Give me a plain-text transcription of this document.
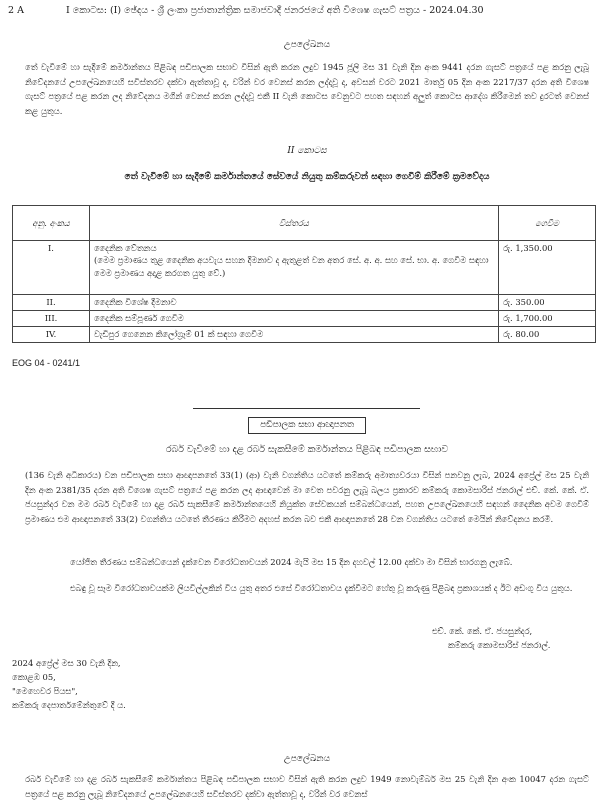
2 A	I කොටස: (I) ඡේදය - ශ්‍රී ලංකා ප්‍රජාතාන්ත්‍රික සමාජවාදී ජනරජයේ අති විශෙෂ ගැසට් පත්‍රය - 2024.04.30
උපලේඛනය
තේ වැවීමේ හා සැදීමේ කර්මාන්තය පිළිබඳ පඩිපාලක සභාව විසින් ඇති කරන ලදුව 1945 ජූලි මස 31 වැනි දින අංක 9441 දරන ගැසට් පත්‍රයේ පළ කරනු ලැබූ නිවේදනයේ උපලේඛනයෙහි සවිස්තරව දක්වා ඇත්තාවූ ද, වරින් වර වෙනස් කරන ලද්දාවූ ද, අවසන් වරට 2021 මාර්තු 05 දින අංක 2217/37 දරන අති විශෙෂ ගැසට් පත්‍රයේ පළ කරන ලද නිවේදනය මගින් වෙනස් කරන ලද්දාවූ එකී II වැනි කොටස වෙනුවට පහත සඳහන් අලුත් කොටස ආදේශ කිරීමෙන් තව දුරටත් වෙනස් කළ යුතුය.
II කොටස
තේ වැවීමේ හා සැදීමේ කර්මාන්තයේ සේවයේ නියුතු කම්කරුවන් සඳහා ගෙවීම් කිරීමේ ක්‍රමවේදය
අනු. අංකය	විස්තරය	ගෙවීම
I.	දෛනික වේතනය
(මෙම ප්‍රමාණය තුළ දෛනික අයවැය සහන දීමනාව ද ඇතුළත් වන අතර සේ. අ. අ. සහ සේ. භා. අ. ගෙවීම සඳහා මෙම ප්‍රමාණය අදාළ කරගත යුතු වේ.)	රු. 1,350.00
II.	දෛනික විශේෂ දීමනාව	රු. 350.00
III.	දෛනික සම්පූර්ණ ගෙවීම	රු. 1,700.00
IV.	වැඩිපුර ගෙනෙන කිලෝග්‍රෑම් 01 ක් සඳහා ගෙවීම	රු. 80.00
EOG 04 - 0241/1
පඩිපාලක සභා ආඥාපනත
රබර් වැවීමේ හා දළ රබර් සැකසීමේ කර්මාන්තය පිළිබඳ පඩිපාලක සභාව
(136 වැනි අධිකාරය) වන පඩිපාලක සභා ආඥාපනතේ 33(1) (ආ) වැනි වගන්තිය යටතේ කම්කරු අමාත්‍යවරයා විසින් පනවනු ලැබ, 2024 අප්‍රේල් මස 25 වැනි දින අංක 2381/35 දරන අති විශෙෂ ගැසට් පත්‍රයේ පළ කරන ලද ආඥාවෙන් මා වෙත පවරනු ලැබූ බලය ප්‍රකාරව කම්කරු කොමසාරිස් ජනරාල් එච්. කේ. කේ. ඒ. ජයසුන්දර වන මම රබර් වැවීමේ හා දළ රබර් සැකසීමේ කර්මාන්තයෙහි නියුක්ත සේවකයන් සම්බන්ධයෙන්, පහත උපලේඛනයෙහි සඳහන් දෛනික අවම ගෙවීම් ප්‍රමාණය එම ආඥාපනතේ 33(2) වගන්තිය යටතේ තීරණය කිරීමට අදහස් කරන බව එකී ආඥාපනතේ 28 වන වගන්තිය යටතේ මෙයින් නිවේදනය කරමි.
යෝජිත තීරණය සම්බන්ධයෙන් දැක්වෙන විරෝධතාවයන් 2024 මැයි මස 15 දින දහවල් 12.00 දක්වා මා විසින් භාරගනු ලැබේ.
එබඳු වූ සෑම විරෝධතාවයක්ම ලියවිල්ලකින් විය යුතු අතර එසේ විරෝධතාවය දැක්වීමට හේතු වූ කරුණු පිළිබඳ ප්‍රකාශයක් ද ඊට අඩංගු විය යුතුය.
එච්. කේ. කේ. ඒ. ජයසුන්දර,
කම්කරු කොමසාරිස් ජනරාල්.
2024 අප්‍රේල් මස 30 වැනි දින,
කොළඹ 05,
"මෙහෙවර පියස",
කම්කරු දෙපාර්තමේන්තුවේ දී ය.
උපලේඛනය
රබර් වැවීමේ හා දළ රබර් සැකසීමේ කර්මාන්තය පිළිබඳ පඩිපාලක සභාව විසින් ඇති කරන ලදුව 1949 නොවැම්බර් මස 25 වැනි දින අංක 10047 දරන ගැසට් පත්‍රයේ පළ කරනු ලැබූ නිවේදනයේ උපලේඛනයෙහි සවිස්තරව දක්වා ඇත්තාවූ ද, වරින් වර වෙනස්
